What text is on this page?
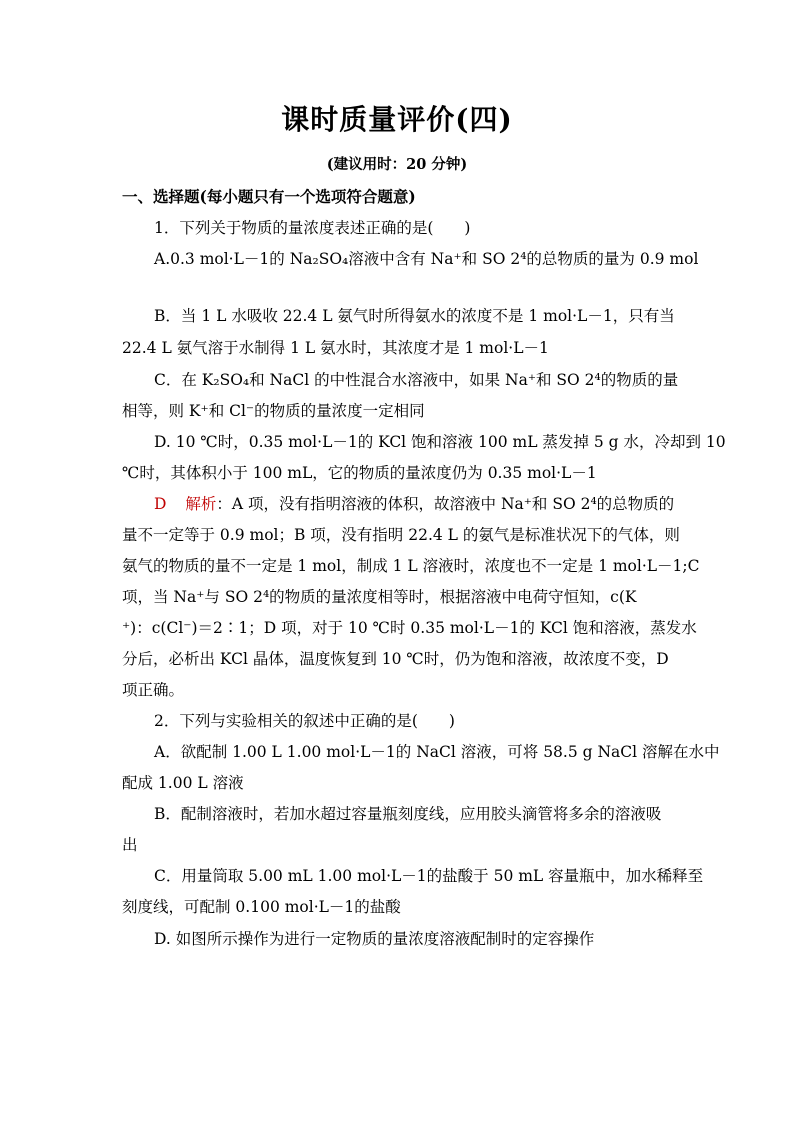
课时质量评价(四)
(建议用时：20 分钟)
一、选择题(每小题只有一个选项符合题意)
1．下列关于物质的量浓度表述正确的是(　　)
A.0.3 mol·L－1的 Na₂SO₄溶液中含有 Na⁺和 SO 2⁴的总物质的量为 0.9 mol
B．当 1 L 水吸收 22.4 L 氨气时所得氨水的浓度不是 1 mol·L－1，只有当
22.4 L 氨气溶于水制得 1 L 氨水时，其浓度才是 1 mol·L－1
C．在 K₂SO₄和 NaCl 的中性混合水溶液中，如果 Na⁺和 SO 2⁴的物质的量
相等，则 K⁺和 Cl⁻的物质的量浓度一定相同
D. 10 ℃时，0.35 mol·L－1的 KCl 饱和溶液 100 mL 蒸发掉 5 g 水，冷却到 10
℃时，其体积小于 100 mL，它的物质的量浓度仍为 0.35 mol·L－1
D 解析：A 项，没有指明溶液的体积，故溶液中 Na⁺和 SO 2⁴的总物质的
量不一定等于 0.9 mol；B 项，没有指明 22.4 L 的氨气是标准状况下的气体，则
氨气的物质的量不一定是 1 mol，制成 1 L 溶液时，浓度也不一定是 1 mol·L－1;C
项，当 Na⁺与 SO 2⁴的物质的量浓度相等时，根据溶液中电荷守恒知，c(K
⁺)：c(Cl⁻)＝2∶1；D 项，对于 10 ℃时 0.35 mol·L－1的 KCl 饱和溶液，蒸发水
分后，必析出 KCl 晶体，温度恢复到 10 ℃时，仍为饱和溶液，故浓度不变，D
项正确。
2．下列与实验相关的叙述中正确的是(　　)
A．欲配制 1.00 L 1.00 mol·L－1的 NaCl 溶液，可将 58.5 g NaCl 溶解在水中
配成 1.00 L 溶液
B．配制溶液时，若加水超过容量瓶刻度线，应用胶头滴管将多余的溶液吸
出
C．用量筒取 5.00 mL 1.00 mol·L－1的盐酸于 50 mL 容量瓶中，加水稀释至
刻度线，可配制 0.100 mol·L－1的盐酸
D. 如图所示操作为进行一定物质的量浓度溶液配制时的定容操作
